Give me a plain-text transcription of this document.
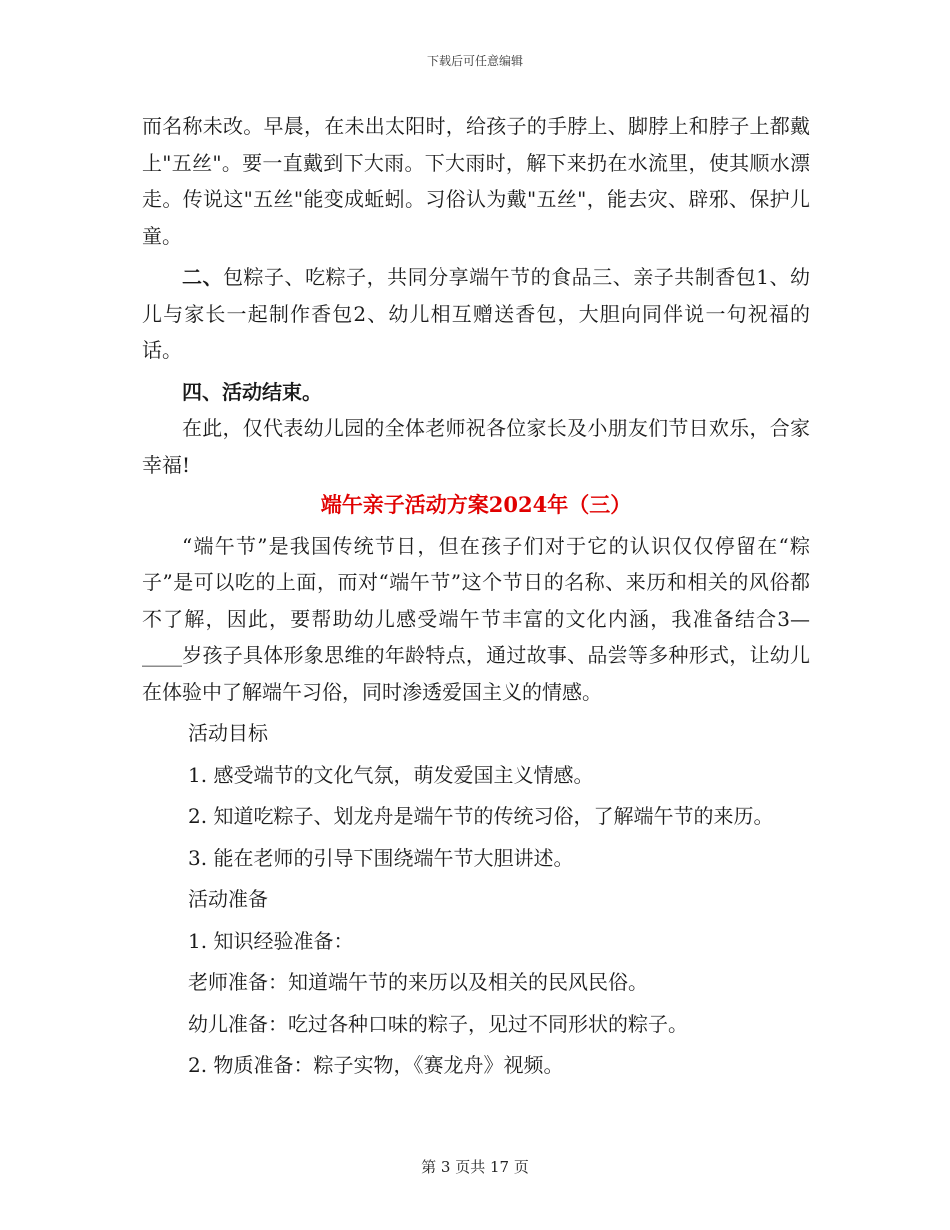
下载后可任意编辑

而名称未改。早晨，在未出太阳时，给孩子的手脖上、脚脖上和脖子上都戴上"五丝"。要一直戴到下大雨。下大雨时，解下来扔在水流里，使其顺水漂走。传说这"五丝"能变成蚯蚓。习俗认为戴"五丝"，能去灾、辟邪、保护儿童。

二、包粽子、吃粽子，共同分享端午节的食品三、亲子共制香包1、幼儿与家长一起制作香包2、幼儿相互赠送香包，大胆向同伴说一句祝福的话。

四、活动结束。

在此，仅代表幼儿园的全体老师祝各位家长及小朋友们节日欢乐，合家幸福!

端午亲子活动方案2024年（三）

“端午节”是我国传统节日，但在孩子们对于它的认识仅仅停留在“粽子”是可以吃的上面，而对“端午节”这个节日的名称、来历和相关的风俗都不了解，因此，要帮助幼儿感受端午节丰富的文化内涵，我准备结合3—____岁孩子具体形象思维的年龄特点，通过故事、品尝等多种形式，让幼儿在体验中了解端午习俗，同时渗透爱国主义的情感。

活动目标

1. 感受端节的文化气氛，萌发爱国主义情感。

2. 知道吃粽子、划龙舟是端午节的传统习俗，了解端午节的来历。

3. 能在老师的引导下围绕端午节大胆讲述。

活动准备

1. 知识经验准备：

老师准备：知道端午节的来历以及相关的民风民俗。

幼儿准备：吃过各种口味的粽子，见过不同形状的粽子。

2. 物质准备：粽子实物，《赛龙舟》视频。

第 3 页共 17 页
